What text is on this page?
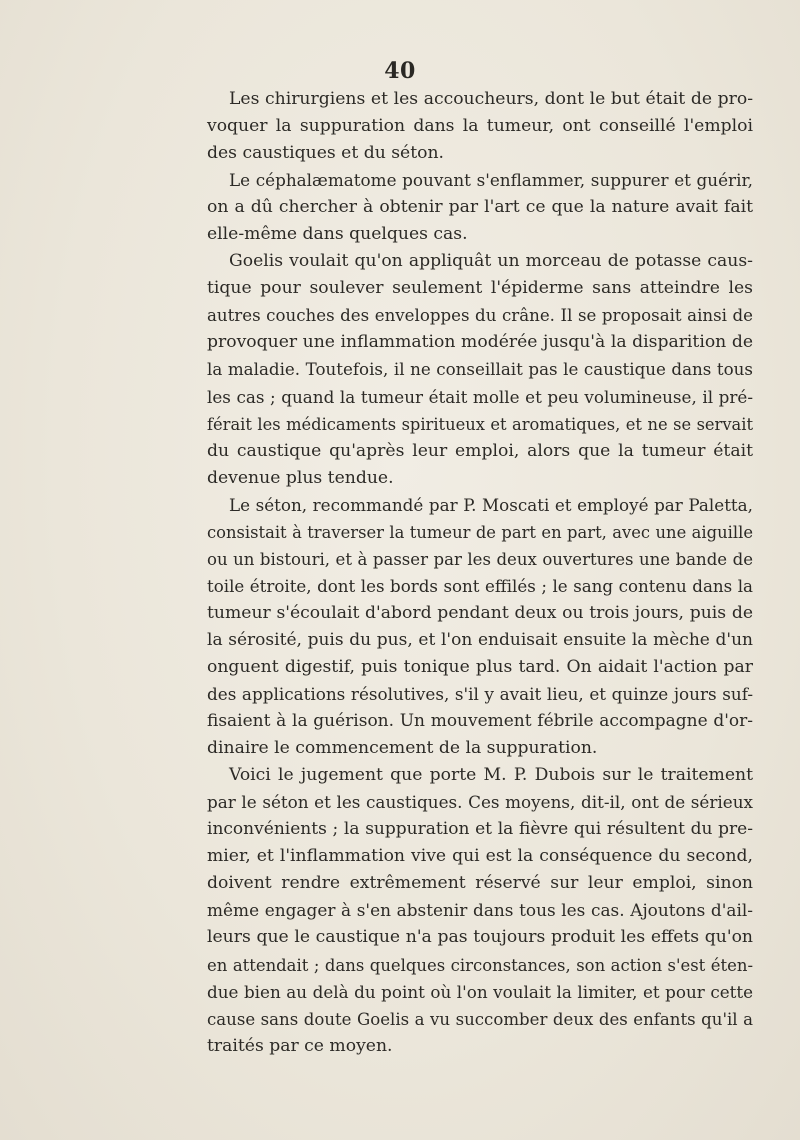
40
Les chirurgiens et les accoucheurs, dont le but était de pro-
voquer la suppuration dans la tumeur, ont conseillé l'emploi
des caustiques et du séton.
Le céphalæmatome pouvant s'enflammer, suppurer et guérir,
on a dû chercher à obtenir par l'art ce que la nature avait fait
elle-même dans quelques cas.
Goelis voulait qu'on appliquât un morceau de potasse caus-
tique pour soulever seulement l'épiderme sans atteindre les
autres couches des enveloppes du crâne. Il se proposait ainsi de
provoquer une inflammation modérée jusqu'à la disparition de
la maladie. Toutefois, il ne conseillait pas le caustique dans tous
les cas ; quand la tumeur était molle et peu volumineuse, il pré-
férait les médicaments spiritueux et aromatiques, et ne se servait
du caustique qu'après leur emploi, alors que la tumeur était
devenue plus tendue.
Le séton, recommandé par P. Moscati et employé par Paletta,
consistait à traverser la tumeur de part en part, avec une aiguille
ou un bistouri, et à passer par les deux ouvertures une bande de
toile étroite, dont les bords sont effilés ; le sang contenu dans la
tumeur s'écoulait d'abord pendant deux ou trois jours, puis de
la sérosité, puis du pus, et l'on enduisait ensuite la mèche d'un
onguent digestif, puis tonique plus tard. On aidait l'action par
des applications résolutives, s'il y avait lieu, et quinze jours suf-
fisaient à la guérison. Un mouvement fébrile accompagne d'or-
dinaire le commencement de la suppuration.
Voici le jugement que porte M. P. Dubois sur le traitement
par le séton et les caustiques. Ces moyens, dit-il, ont de sérieux
inconvénients ; la suppuration et la fièvre qui résultent du pre-
mier, et l'inflammation vive qui est la conséquence du second,
doivent rendre extrêmement réservé sur leur emploi, sinon
même engager à s'en abstenir dans tous les cas. Ajoutons d'ail-
leurs que le caustique n'a pas toujours produit les effets qu'on
en attendait ; dans quelques circonstances, son action s'est éten-
due bien au delà du point où l'on voulait la limiter, et pour cette
cause sans doute Goelis a vu succomber deux des enfants qu'il a
traités par ce moyen.
